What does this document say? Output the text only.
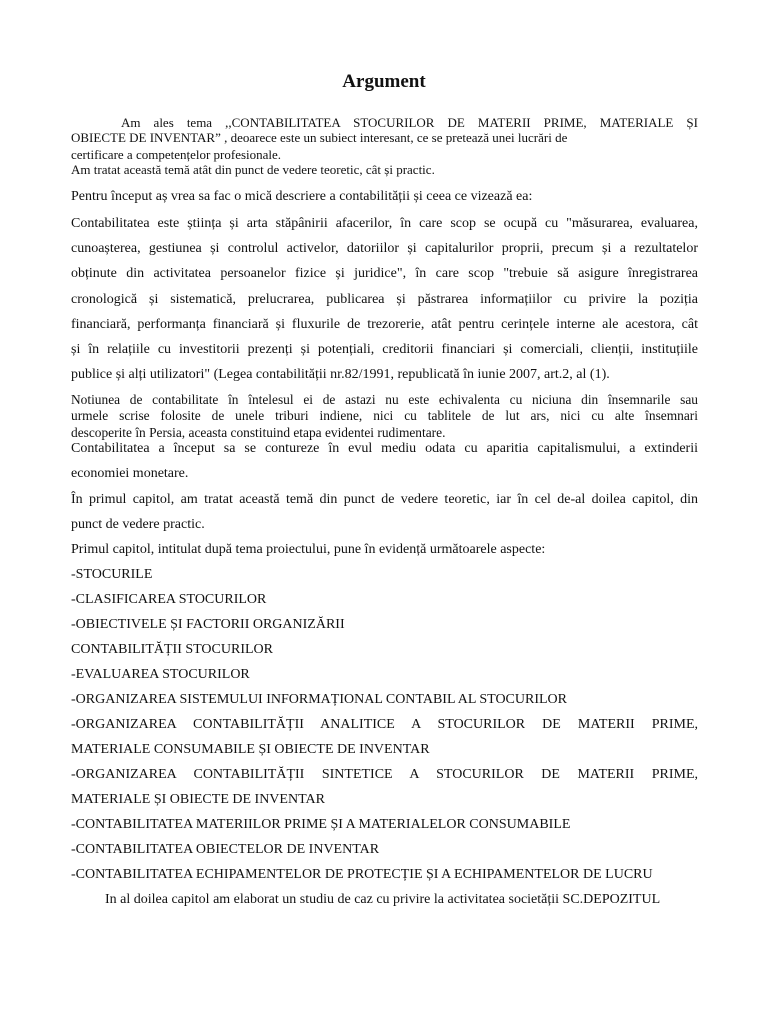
Argument
Am ales tema ,,CONTABILITATEA STOCURILOR DE MATERII PRIME, MATERIALE ȘI
OBIECTE DE INVENTAR” , deoarece este un subiect interesant, ce se pretează unei lucrări de
certificare a competențelor profesionale.
Am tratat această temă atât din punct de vedere teoretic, cât și practic.
Pentru început aș vrea sa fac o mică descriere a contabilității și ceea ce vizează ea:
Contabilitatea este știința și arta stăpânirii afacerilor, în care scop se ocupă cu "măsurarea, evaluarea,
cunoașterea, gestiunea și controlul activelor, datoriilor și capitalurilor proprii, precum și a rezultatelor
obținute din activitatea persoanelor fizice și juridice", în care scop "trebuie să asigure înregistrarea
cronologică și sistematică, prelucrarea, publicarea și păstrarea informațiilor cu privire la poziția
financiară, performanța financiară și fluxurile de trezorerie, atât pentru cerințele interne ale acestora, cât
și în relațiile cu investitorii prezenți și potențiali, creditorii financiari și comerciali, clienții, instituțiile
publice și alți utilizatori" (Legea contabilității nr.82/1991, republicată în iunie 2007, art.2, al (1).
Notiunea de contabilitate în întelesul ei de astazi nu este echivalenta cu niciuna din însemnarile sau
urmele scrise folosite de unele triburi indiene, nici cu tablitele de lut ars, nici cu alte însemnari
descoperite în Persia, aceasta constituind etapa evidentei rudimentare.
Contabilitatea a început sa se contureze în evul mediu odata cu aparitia capitalismului, a extinderii
economiei monetare.
În primul capitol, am tratat această temă din punct de vedere teoretic, iar în cel de-al doilea capitol, din
punct de vedere practic.
Primul capitol, intitulat după tema proiectului, pune în evidență următoarele aspecte:
-STOCURILE
-CLASIFICAREA STOCURILOR
-OBIECTIVELE ȘI FACTORII ORGANIZĂRII
CONTABILITĂȚII STOCURILOR
-EVALUAREA STOCURILOR
-ORGANIZAREA SISTEMULUI INFORMAȚIONAL CONTABIL AL STOCURILOR
-ORGANIZAREA CONTABILITĂȚII ANALITICE A STOCURILOR DE MATERII PRIME,
MATERIALE CONSUMABILE ȘI OBIECTE DE INVENTAR
-ORGANIZAREA CONTABILITĂȚII SINTETICE A STOCURILOR DE MATERII PRIME,
MATERIALE ȘI OBIECTE DE INVENTAR
-CONTABILITATEA MATERIILOR PRIME ȘI A MATERIALELOR CONSUMABILE
-CONTABILITATEA OBIECTELOR DE INVENTAR
-CONTABILITATEA ECHIPAMENTELOR DE PROTECȚIE ȘI A ECHIPAMENTELOR DE LUCRU
In al doilea capitol am elaborat un studiu de caz cu privire la activitatea societății SC.DEPOZITUL
